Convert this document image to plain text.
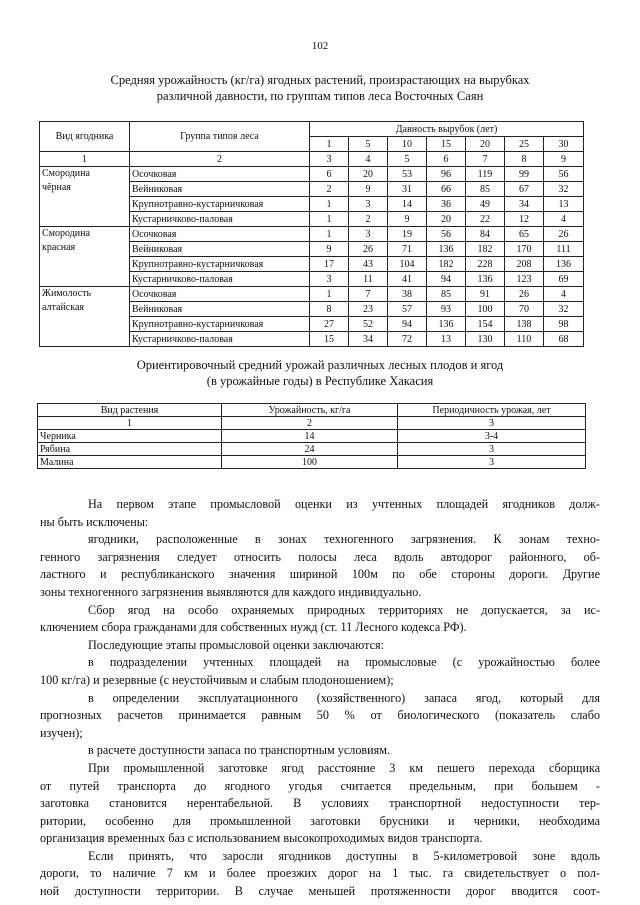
102
Средняя урожайность (кг/га) ягодных растений, произрастающих на вырубках
различной давности, по группам типов леса Восточных Саян
Вид ягодника	Группа типов леса	Давность вырубок (лет)						
		1	5	10	15	20	25	30
1	2	3	4	5	6	7	8	9

Смородина
чёрная	Осочковая	6	20	53	96	119	99	56
	Вейниковая	2	9	31	66	85	67	32
	Крупнотравно-кустарничковая	1	3	14	36	49	34	13
	Кустарничково-паловая	1	2	9	20	22	12	4

Смородина
красная	Осочковая	1	3	19	56	84	65	26
	Вейниковая	9	26	71	136	182	170	111
	Крупнотравно-кустарничковая	17	43	104	182	228	208	136
	Кустарничково-паловая	3	11	41	94	136	123	69

Жимолость
алтайская	Осочковая	1	7	38	85	91	26	4
	Вейниковая	8	23	57	93	100	70	32
	Крупнотравно-кустарничковая	27	52	94	136	154	138	98
	Кустарничково-паловая	15	34	72	13	130	110	68
Ориентировочный средний урожай различных лесных плодов и ягод
(в урожайные годы) в Республике Хакасия
Вид растения	Урожайность, кг/га	Периодичность урожая, лет
1	2	3
Черника	14	3-4
Рябина	24	3
Малина	100	3
На первом этапе промысловой оценки из учтенных площадей ягодников долж-
ны быть исключены:
ягодники, расположенные в зонах техногенного загрязнения. К зонам техно-
генного загрязнения следует относить полосы леса вдоль автодорог районного, об-
ластного и республиканского значения шириной 100м по обе стороны дороги. Другие
зоны техногенного загрязнения выявляются для каждого индивидуально.
Сбор ягод на особо охраняемых природных территориях не допускается, за ис-
ключением сбора гражданами для собственных нужд (ст. 11 Лесного кодекса РФ).
Последующие этапы промысловой оценки заключаются:
в подразделении учтенных площадей на промысловые (с урожайностью более
100 кг/га) и резервные (с неустойчивым и слабым плодоношением);
в определении эксплуатационного (хозяйственного) запаса ягод, который для
прогнозных расчетов принимается равным 50 % от биологического (показатель слабо
изучен);
в расчете доступности запаса по транспортным условиям.
При промышленной заготовке ягод расстояние 3 км пешего перехода сборщика
от путей транспорта до ягодного угодья считается предельным, при большем -
заготовка становится нерентабельной. В условиях транспортной недоступности тер-
ритории, особенно для промышленной заготовки брусники и черники, необходима
организация временных баз с использованием высокопроходимых видов транспорта.
Если принять, что заросли ягодников доступны в 5-километровой зоне вдоль
дороги, то наличие 7 км и более проезжих дорог на 1 тыс. га свидетельствует о пол-
ной доступности территории. В случае меньшей протяженности дорог вводится соот-
